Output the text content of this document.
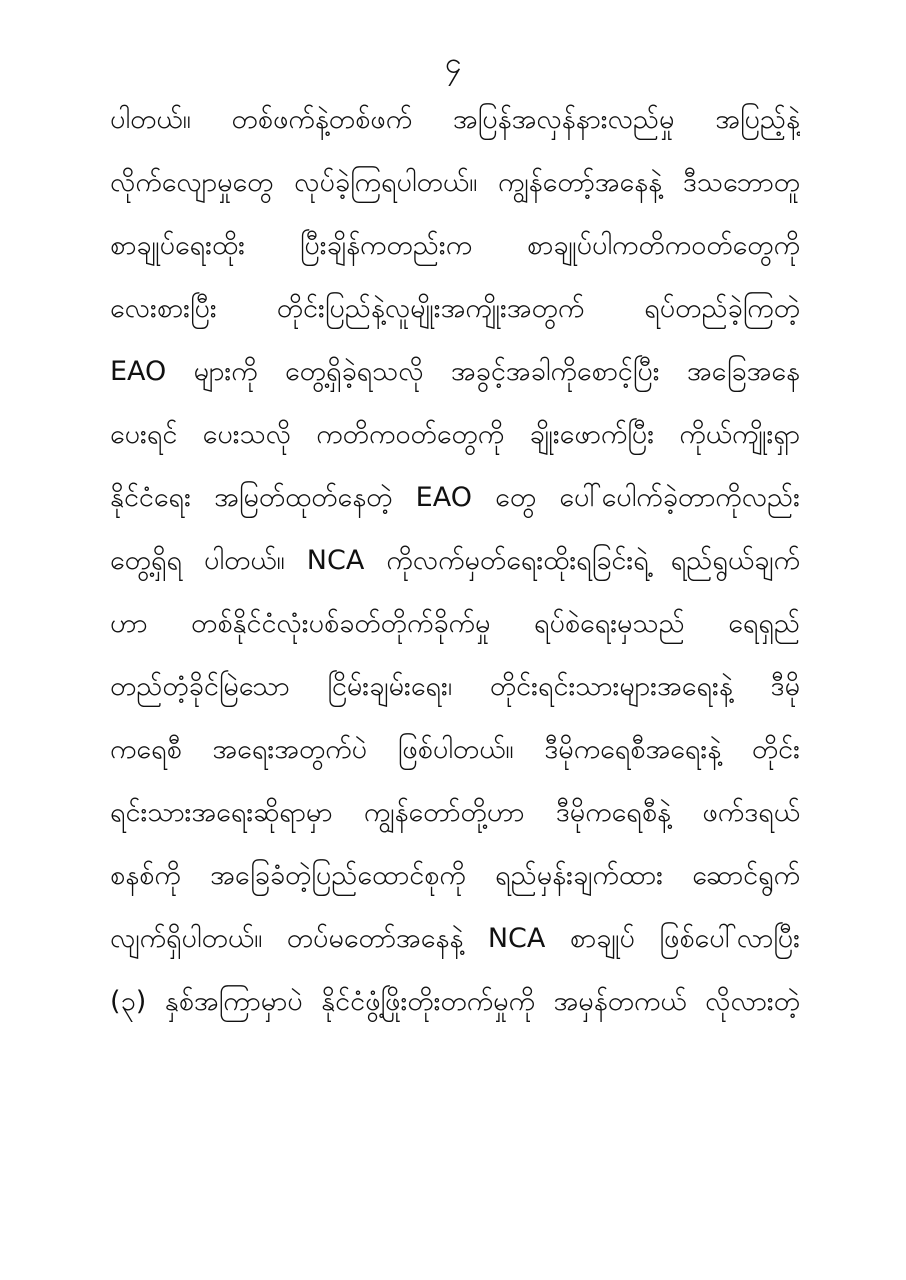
၄
ပါတယ်။ တစ်ဖက်နဲ့တစ်ဖက် အပြန်အလှန်နားလည်မှု အပြည့်နဲ့
လိုက်လျောမှုတွေ လုပ်ခဲ့ကြရပါတယ်။ ကျွန်တော့်အနေနဲ့ ဒီသဘောတူ
စာချုပ်ရေးထိုး ပြီးချိန်ကတည်းက စာချုပ်ပါကတိကဝတ်တွေကို
လေးစားပြီး တိုင်းပြည်နဲ့လူမျိုးအကျိုးအတွက် ရပ်တည်ခဲ့ကြတဲ့
EAO များကို တွေ့ရှိခဲ့ရသလို အခွင့်အခါကိုစောင့်ပြီး အခြေအနေ
ပေးရင် ပေးသလို ကတိကဝတ်တွေကို ချိုးဖောက်ပြီး ကိုယ်ကျိုးရှာ
နိုင်ငံရေး အမြတ်ထုတ်နေတဲ့ EAO တွေ ပေါ်ပေါက်ခဲ့တာကိုလည်း
တွေ့ရှိရ ပါတယ်။ NCA ကိုလက်မှတ်ရေးထိုးရခြင်းရဲ့ ရည်ရွယ်ချက်
ဟာ တစ်နိုင်ငံလုံးပစ်ခတ်တိုက်ခိုက်မှု ရပ်စဲရေးမှသည် ရေရှည်
တည်တံ့ခိုင်မြဲသော ငြိမ်းချမ်းရေး၊ တိုင်းရင်းသားများအရေးနဲ့ ဒီမို
ကရေစီ အရေးအတွက်ပဲ ဖြစ်ပါတယ်။ ဒီမိုကရေစီအရေးနဲ့ တိုင်း
ရင်းသားအရေးဆိုရာမှာ ကျွန်တော်တို့ဟာ ဒီမိုကရေစီနဲ့ ဖက်ဒရယ်
စနစ်ကို အခြေခံတဲ့ပြည်ထောင်စုကို ရည်မှန်းချက်ထား ဆောင်ရွက်
လျက်ရှိပါတယ်။ တပ်မတော်အနေနဲ့ NCA စာချုပ် ဖြစ်ပေါ်လာပြီး
(၃) နှစ်အကြာမှာပဲ နိုင်ငံဖွံ့ဖြိုးတိုးတက်မှုကို အမှန်တကယ် လိုလားတဲ့
